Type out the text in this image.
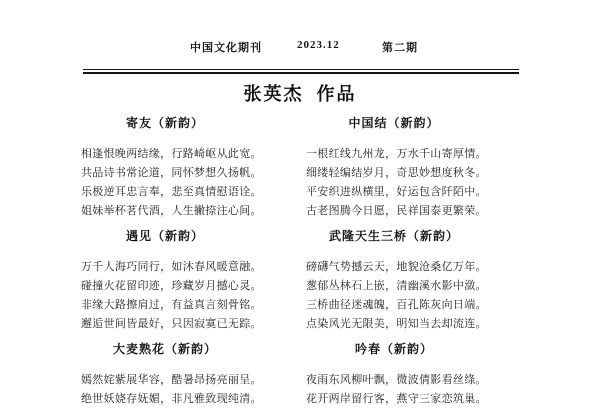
中国文化期刊	2023.12	第二期
张英杰  作品
寄友（新韵）
相逢恨晚两结缘，行路崎岖从此宽。
共品诗书常论道，同怀梦想久扬帆。
乐极逆耳忠言奉，悲至真情慰语诠。
姐妹举杯茗代酒，人生撇捺注心间。
遇见（新韵）
万千人海巧同行，如沐春风暖意融。
碰撞火花留印迹，珍藏岁月撼心灵。
非缘大路擦肩过，有益真言刻骨铭。
邂逅世间皆最好，只因寂寞已无踪。
大麦熟花（新韵）
嫣然姹紫展华容，酷暑昂扬亮丽呈。
绝世妖娆存妩媚，非凡雅致现纯清。
中国结（新韵）
一根红线九州龙，万水千山寄厚情。
细缕轻编结岁月，奇思妙想度秋冬。
平安织进纵横里，好运包含阡陌中。
古老图腾今日愿，民祥国泰更繁荣。
武隆天生三桥（新韵）
磅礴气势撼云天，地貌沧桑亿万年。
葱郁丛林石上嵌，清幽溪水影中潋。
三桥曲径迷魂魄，百孔陈灰向日端。
点染风光无限美，明知当去却流连。
吟春（新韵）
夜雨东风柳叶飘，微波倩影看丝绦。
花开两岸留行客，燕守三家恋筑巢。
